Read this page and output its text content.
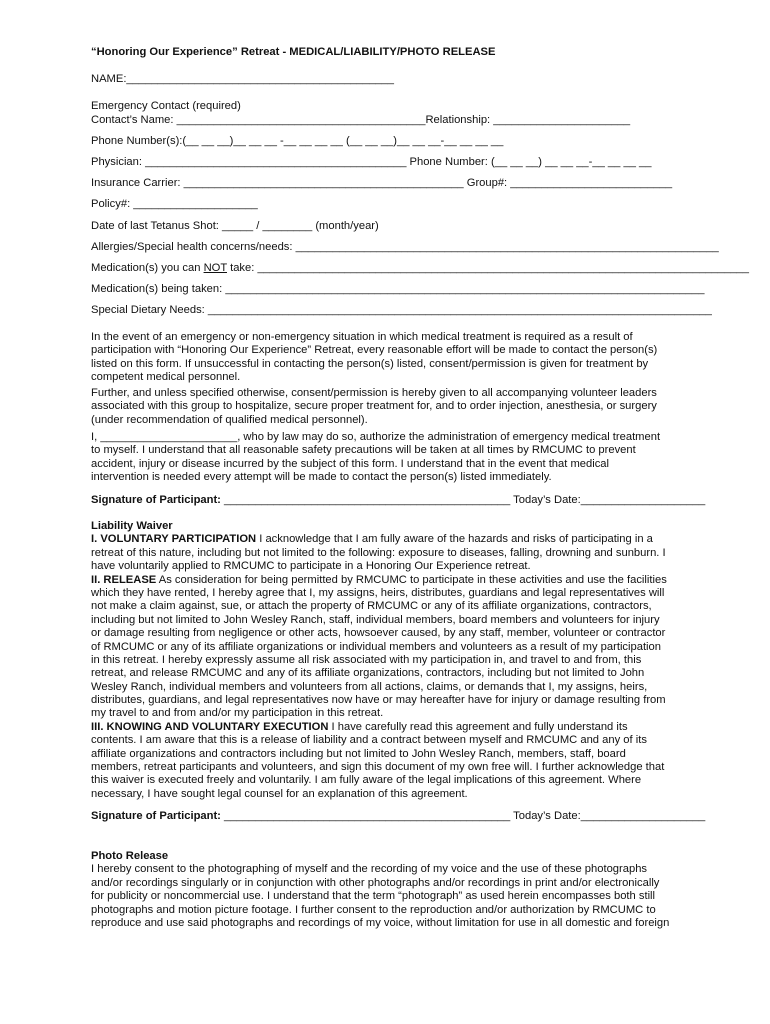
“Honoring Our Experience” Retreat - MEDICAL/LIABILITY/PHOTO RELEASE
NAME:___________________________________________
Emergency Contact (required)
Contact’s Name: ________________________________________Relationship: ______________________
Phone Number(s):(__ __ __)__ __ __ -__ __ __ __ (__ __ __)__ __ __-__ __ __ __
Physician: __________________________________________ Phone Number: (__ __ __) __ __ __-__ __ __ __
Insurance Carrier: _____________________________________________ Group#: __________________________
Policy#: ____________________
Date of last Tetanus Shot: _____ / ________ (month/year)
Allergies/Special health concerns/needs: ____________________________________________________________________
Medication(s) you can NOT take: _______________________________________________________________________________
Medication(s) being taken: _____________________________________________________________________________
Special Dietary Needs: _________________________________________________________________________________
In the event of an emergency or non-emergency situation in which medical treatment is required as a result of
participation with “Honoring Our Experience” Retreat, every reasonable effort will be made to contact the person(s)
listed on this form. If unsuccessful in contacting the person(s) listed, consent/permission is given for treatment by
competent medical personnel.
Further, and unless specified otherwise, consent/permission is hereby given to all accompanying volunteer leaders
associated with this group to hospitalize, secure proper treatment for, and to order injection, anesthesia, or surgery
(under recommendation of qualified medical personnel).
I, ______________________, who by law may do so, authorize the administration of emergency medical treatment
to myself. I understand that all reasonable safety precautions will be taken at all times by RMCUMC to prevent
accident, injury or disease incurred by the subject of this form. I understand that in the event that medical
intervention is needed every attempt will be made to contact the person(s) listed immediately.
Signature of Participant: ______________________________________________ Today’s Date:____________________
Liability Waiver
I. VOLUNTARY PARTICIPATION I acknowledge that I am fully aware of the hazards and risks of participating in a
retreat of this nature, including but not limited to the following: exposure to diseases, falling, drowning and sunburn. I
have voluntarily applied to RMCUMC to participate in a Honoring Our Experience retreat.
II. RELEASE As consideration for being permitted by RMCUMC to participate in these activities and use the facilities
which they have rented, I hereby agree that I, my assigns, heirs, distributes, guardians and legal representatives will
not make a claim against, sue, or attach the property of RMCUMC or any of its affiliate organizations, contractors,
including but not limited to John Wesley Ranch, staff, individual members, board members and volunteers for injury
or damage resulting from negligence or other acts, howsoever caused, by any staff, member, volunteer or contractor
of RMCUMC or any of its affiliate organizations or individual members and volunteers as a result of my participation
in this retreat. I hereby expressly assume all risk associated with my participation in, and travel to and from, this
retreat, and release RMCUMC and any of its affiliate organizations, contractors, including but not limited to John
Wesley Ranch, individual members and volunteers from all actions, claims, or demands that I, my assigns, heirs,
distributes, guardians, and legal representatives now have or may hereafter have for injury or damage resulting from
my travel to and from and/or my participation in this retreat.
III. KNOWING AND VOLUNTARY EXECUTION I have carefully read this agreement and fully understand its
contents. I am aware that this is a release of liability and a contract between myself and RMCUMC and any of its
affiliate organizations and contractors including but not limited to John Wesley Ranch, members, staff, board
members, retreat participants and volunteers, and sign this document of my own free will. I further acknowledge that
this waiver is executed freely and voluntarily. I am fully aware of the legal implications of this agreement. Where
necessary, I have sought legal counsel for an explanation of this agreement.
Signature of Participant: ______________________________________________ Today’s Date:____________________
Photo Release
I hereby consent to the photographing of myself and the recording of my voice and the use of these photographs
and/or recordings singularly or in conjunction with other photographs and/or recordings in print and/or electronically
for publicity or noncommercial use. I understand that the term “photograph” as used herein encompasses both still
photographs and motion picture footage. I further consent to the reproduction and/or authorization by RMCUMC to
reproduce and use said photographs and recordings of my voice, without limitation for use in all domestic and foreign
